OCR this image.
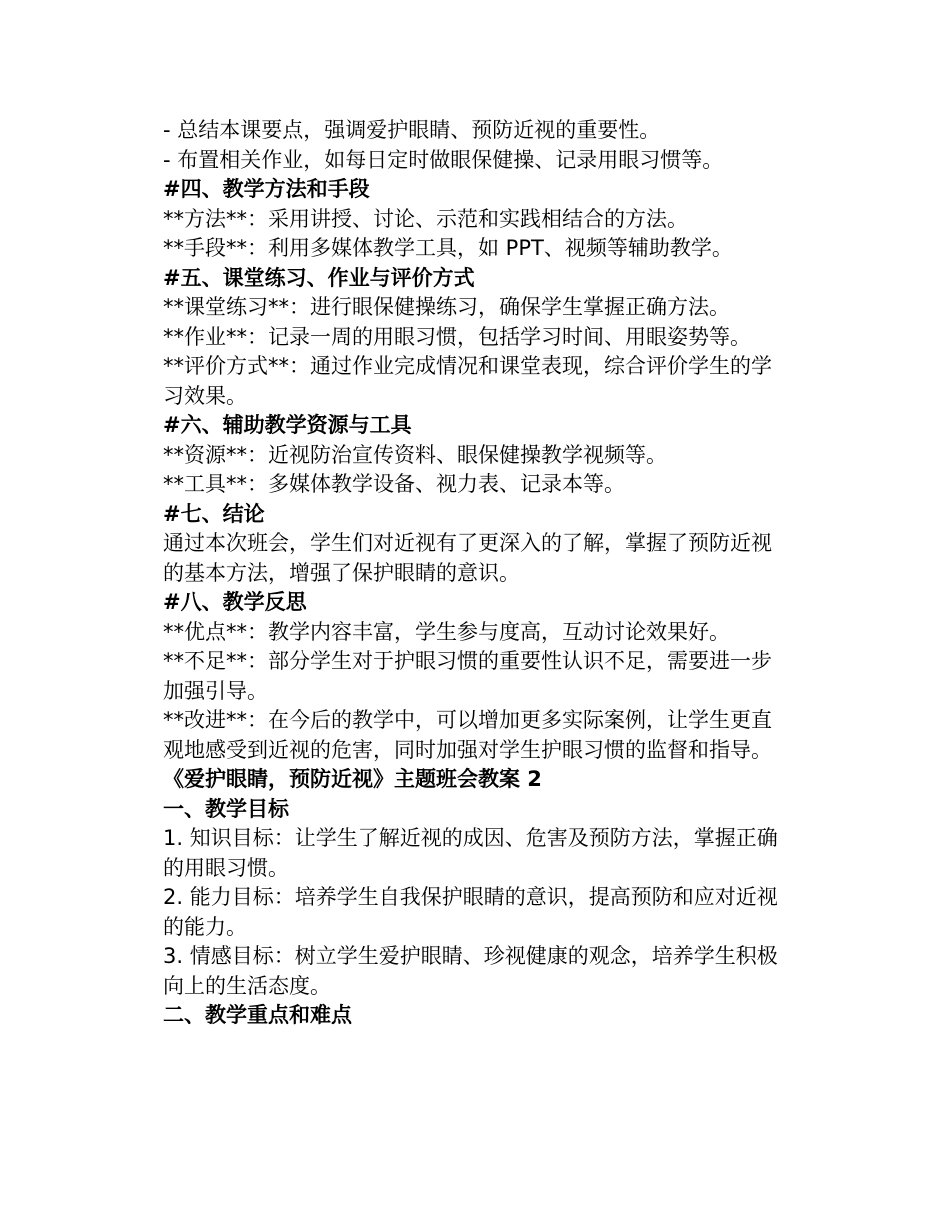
- 总结本课要点，强调爱护眼睛、预防近视的重要性。

- 布置相关作业，如每日定时做眼保健操、记录用眼习惯等。

#四、教学方法和手段

**方法**：采用讲授、讨论、示范和实践相结合的方法。

**手段**：利用多媒体教学工具，如 PPT、视频等辅助教学。

#五、课堂练习、作业与评价方式

**课堂练习**：进行眼保健操练习，确保学生掌握正确方法。

**作业**：记录一周的用眼习惯，包括学习时间、用眼姿势等。

**评价方式**：通过作业完成情况和课堂表现，综合评价学生的学习效果。

#六、辅助教学资源与工具

**资源**：近视防治宣传资料、眼保健操教学视频等。

**工具**：多媒体教学设备、视力表、记录本等。

#七、结论

通过本次班会，学生们对近视有了更深入的了解，掌握了预防近视的基本方法，增强了保护眼睛的意识。

#八、教学反思

**优点**：教学内容丰富，学生参与度高，互动讨论效果好。

**不足**：部分学生对于护眼习惯的重要性认识不足，需要进一步加强引导。

**改进**：在今后的教学中，可以增加更多实际案例，让学生更直观地感受到近视的危害，同时加强对学生护眼习惯的监督和指导。

《爱护眼睛，预防近视》主题班会教案 2

一、教学目标

1. 知识目标：让学生了解近视的成因、危害及预防方法，掌握正确的用眼习惯。

2. 能力目标：培养学生自我保护眼睛的意识，提高预防和应对近视的能力。

3. 情感目标：树立学生爱护眼睛、珍视健康的观念，培养学生积极向上的生活态度。

二、教学重点和难点
